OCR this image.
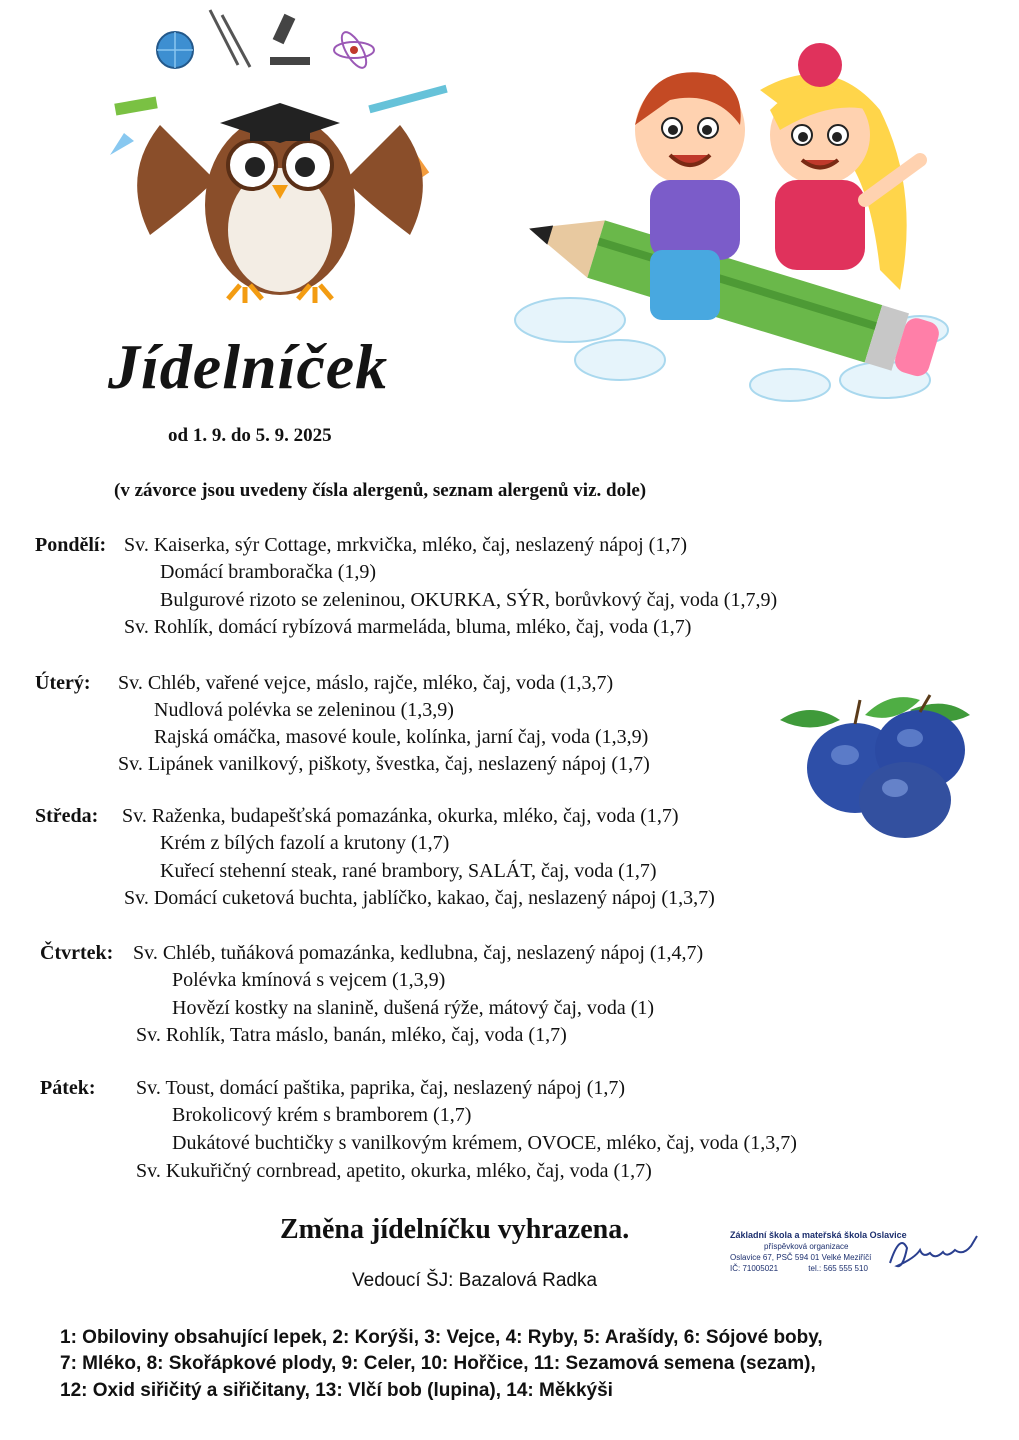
Jídelníček
od 1. 9. do 5. 9. 2025
(v závorce jsou uvedeny čísla alergenů, seznam alergenů viz. dole)
Pondělí: Sv. Kaiserka, sýr Cottage, mrkvička, mléko, čaj, neslazený nápoj (1,7)
Domácí bramboračka (1,9)
Bulgurové rizoto se zeleninou, OKURKA, SÝR, borůvkový čaj, voda (1,7,9)
Sv. Rohlík, domácí rybízová marmeláda, bluma, mléko, čaj, voda (1,7)
Úterý: Sv. Chléb, vařené vejce, máslo, rajče, mléko, čaj, voda (1,3,7)
Nudlová polévka se zeleninou (1,3,9)
Rajská omáčka, masové koule, kolínka, jarní čaj, voda (1,3,9)
Sv. Lipánek vanilkový, piškoty, švestka, čaj, neslazený nápoj (1,7)
Středa: Sv. Raženka, budapešťská pomazánka, okurka, mléko, čaj, voda (1,7)
Krém z bílých fazolí a krutony (1,7)
Kuřecí stehenní steak, rané brambory, SALÁT, čaj, voda (1,7)
Sv. Domácí cuketová buchta, jablíčko, kakao, čaj, neslazený nápoj (1,3,7)
Čtvrtek: Sv. Chléb, tuňáková pomazánka, kedlubna, čaj, neslazený nápoj (1,4,7)
Polévka kmínová s vejcem (1,3,9)
Hovězí kostky na slanině, dušená rýže, mátový čaj, voda (1)
Sv. Rohlík, Tatra máslo, banán, mléko, čaj, voda (1,7)
Pátek: Sv. Toust, domácí paštika, paprika, čaj, neslazený nápoj (1,7)
Brokolicový krém s bramborem (1,7)
Dukátové buchtičky s vanilkovým krémem, OVOCE, mléko, čaj, voda (1,3,7)
Sv. Kukuřičný cornbread, apetito, okurka, mléko, čaj, voda (1,7)
Změna jídelníčku vyhrazena.
Vedoucí ŠJ: Bazalová Radka
Základní škola a mateřská škola Oslavice
příspěvková organizace
Oslavice 67, PSČ 594 01 Velké Meziříčí
IČ: 71005021	tel.: 565 555 510
1: Obiloviny obsahující lepek, 2: Korýši, 3: Vejce, 4: Ryby, 5: Arašídy, 6: Sójové boby,
7: Mléko, 8: Skořápkové plody, 9: Celer, 10: Hořčice, 11: Sezamová semena (sezam),
12: Oxid siřičitý a siřičitany, 13: Vlčí bob (lupina), 14: Měkkýši
